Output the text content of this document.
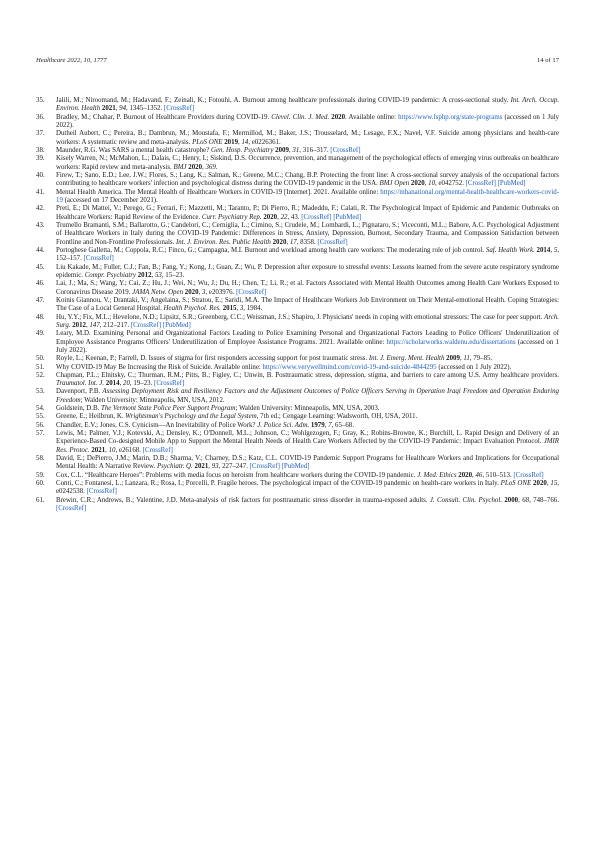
Healthcare 2022, 10, 1777	14 of 17
35.	Jalili, M.; Niroomand, M.; Hadavand, F.; Zeinali, K.; Fotouhi, A. Burnout among healthcare professionals during COVID-19 pandemic: A cross-sectional study. Int. Arch. Occup. Environ. Health 2021, 94, 1345–1352. [CrossRef]
36.	Bradley, M.; Chahar, P. Burnout of Healthcare Providers during COVID-19. Clevel. Clin. J. Med. 2020. Available online: https://www.fsphp.org/state-programs (accessed on 1 July 2022).
37.	Dutheil Aubert, C.; Pereira, B.; Dambrun, M.; Moustafa, F.; Mermillod, M.; Baker, J.S.; Trousselard, M.; Lesage, F.X.; Navel, V.F. Suicide among physicians and health-care workers: A systematic review and meta-analysis. PLoS ONE 2019, 14, e0226361.
38.	Maunder, R.G. Was SARS a mental health catastrophe? Gen. Hosp. Psychiatry 2009, 31, 316–317. [CrossRef]
39.	Kisely Warren, N.; McMahon, L.; Dalais, C.; Henry, I.; Siskind, D.S. Occurrence, prevention, and management of the psychological effects of emerging virus outbreaks on healthcare workers: Rapid review and meta-analysis. BMJ 2020, 369.
40.	Firew, T.; Sano, E.D.; Lee, J.W.; Flores, S.; Lang, K.; Salman, K.; Greene, M.C.; Chang, B.P. Protecting the front line: A cross-sectional survey analysis of the occupational factors contributing to healthcare workers' infection and psychological distress during the COVID-19 pandemic in the USA. BMJ Open 2020, 10, e042752. [CrossRef] [PubMed]
41.	Mental Health America. The Mental Health of Healthcare Workers in COVID-19 [Internet]. 2021. Available online: https://mhanational.org/mental-health-healthcare-workers-covid-19 (accessed on 17 December 2021).
42.	Preti, E.; Di Mattei, V.; Perego, G.; Ferrari, F.; Mazzetti, M.; Taranto, P.; Di Pierro, R.; Madeddu, F.; Calati, R. The Psychological Impact of Epidemic and Pandemic Outbreaks on Healthcare Workers: Rapid Review of the Evidence. Curr. Psychiatry Rep. 2020, 22, 43. [CrossRef] [PubMed]
43.	Trumello Bramanti, S.M.; Ballarotto, G.; Candelori, C.; Cerniglia, L.; Cimino, S.; Crudele, M.; Lombardi, L.; Pignataro, S.; Viceconti, M.L.; Babore, A.C. Psychological Adjustment of Healthcare Workers in Italy during the COVID-19 Pandemic: Differences in Stress, Anxiety, Depression, Burnout, Secondary Trauma, and Compassion Satisfaction between Frontline and Non-Frontline Professionals. Int. J. Environ. Res. Public Health 2020, 17, 8358. [CrossRef]
44.	Portoghese Galletta, M.; Coppola, R.C.; Finco, G.; Campagna, M.I. Burnout and workload among health care workers: The moderating role of job control. Saf. Health Work. 2014, 5, 152–157. [CrossRef]
45.	Liu Kakade, M.; Fuller, C.J.; Fan, B.; Fang, Y.; Kong, J.; Guan, Z.; Wu, P. Depression after exposure to stressful events: Lessons learned from the severe acute respiratory syndrome epidemic. Compr. Psychiatry 2012, 53, 15–23.
46.	Lai, J.; Ma, S.; Wang, Y.; Cai, Z.; Hu, J.; Wei, N.; Wu, J.; Du, H.; Chen, T.; Li, R.; et al. Factors Associated with Mental Health Outcomes among Health Care Workers Exposed to Coronavirus Disease 2019. JAMA Netw. Open 2020, 3, e203976. [CrossRef]
47.	Koinis Giannou, V.; Drantaki, V.; Angelaina, S.; Stratou, E.; Saridi, M.A. The Impact of Healthcare Workers Job Environment on Their Mental-emotional Health. Coping Strategies: The Case of a Local General Hospital. Health Psychol. Res. 2015, 3, 1984.
48.	Hu, Y.Y.; Fix, M.L.; Hevelone, N.D.; Lipsitz, S.R.; Greenberg, C.C.; Weissman, J.S.; Shapiro, J. Physicians' needs in coping with emotional stressors: The case for peer support. Arch. Surg. 2012, 147, 212–217. [CrossRef] [PubMed]
49.	Leary, M.D. Examining Personal and Organizational Factors Leading to Police Examining Personal and Organizational Factors Leading to Police Officers' Underutilization of Employee Assistance Programs Officers' Underutilization of Employee Assistance Programs. 2021. Available online: https://scholarworks.waldenu.edu/dissertations (accessed on 1 July 2022).
50.	Royle, L.; Keenan, P.; Farrell, D. Issues of stigma for first responders accessing support for post traumatic stress. Int. J. Emerg. Ment. Health 2009, 11, 79–85.
51.	Why COVID-19 May Be Increasing the Risk of Suicide. Available online: https://www.verywellmind.com/covid-19-and-suicide-4844295 (accessed on 1 July 2022).
52.	Chapman, P.L.; Elnitsky, C.; Thurman, R.M.; Pitts, B.; Figley, C.; Unwin, B. Posttraumatic stress, depression, stigma, and barriers to care among U.S. Army healthcare providers. Traumatol. Int. J. 2014, 20, 19–23. [CrossRef]
53.	Davenport, P.B. Assessing Deployment Risk and Resiliency Factors and the Adjustment Outcomes of Police Officers Serving in Operation Iraqi Freedom and Operation Enduring Freedom; Walden University: Minneapolis, MN, USA, 2012.
54.	Goldstein, D.B. The Vermont State Police Peer Support Program; Walden University: Minneapolis, MN, USA, 2003.
55.	Greene, E.; Heilbrun, K. Wrightsman's Psychology and the Legal System, 7th ed.; Cengage Learning: Wadsworth, OH, USA, 2011.
56.	Chandler, E.V.; Jones, C.S. Cynicism—An Inevitability of Police Work? J. Police Sci. Adm. 1979, 7, 65–68.
57.	Lewis, M.; Palmer, V.J.; Kotevski, A.; Densley, K.; O'Donnell, M.L.; Johnson, C.; Wohlgezogen, F.; Gray, K.; Robins-Browne, K.; Burchill, L. Rapid Design and Delivery of an Experience-Based Co-designed Mobile App to Support the Mental Health Needs of Health Care Workers Affected by the COVID-19 Pandemic: Impact Evaluation Protocol. JMIR Res. Protoc. 2021, 10, e26168. [CrossRef]
58.	David, E.; DePierro, J.M.; Marin, D.B.; Sharma, V.; Charney, D.S.; Katz, C.L. COVID-19 Pandemic Support Programs for Healthcare Workers and Implications for Occupational Mental Health: A Narrative Review. Psychiatr. Q. 2021, 93, 227–247. [CrossRef] [PubMed]
59.	Cox, C.L. “Healthcare Heroes”: Problems with media focus on heroism from healthcare workers during the COVID-19 pandemic. J. Med. Ethics 2020, 46, 510–513. [CrossRef]
60.	Conti, C.; Fontanesi, L.; Lanzara, R.; Rosa, I.; Porcelli, P. Fragile heroes. The psychological impact of the COVID-19 pandemic on health-care workers in Italy. PLoS ONE 2020, 15, e0242538. [CrossRef]
61.	Brewin, C.R.; Andrews, B.; Valentine, J.D. Meta-analysis of risk factors for posttraumatic stress disorder in trauma-exposed adults. J. Consult. Clin. Psychol. 2000, 68, 748–766. [CrossRef]
